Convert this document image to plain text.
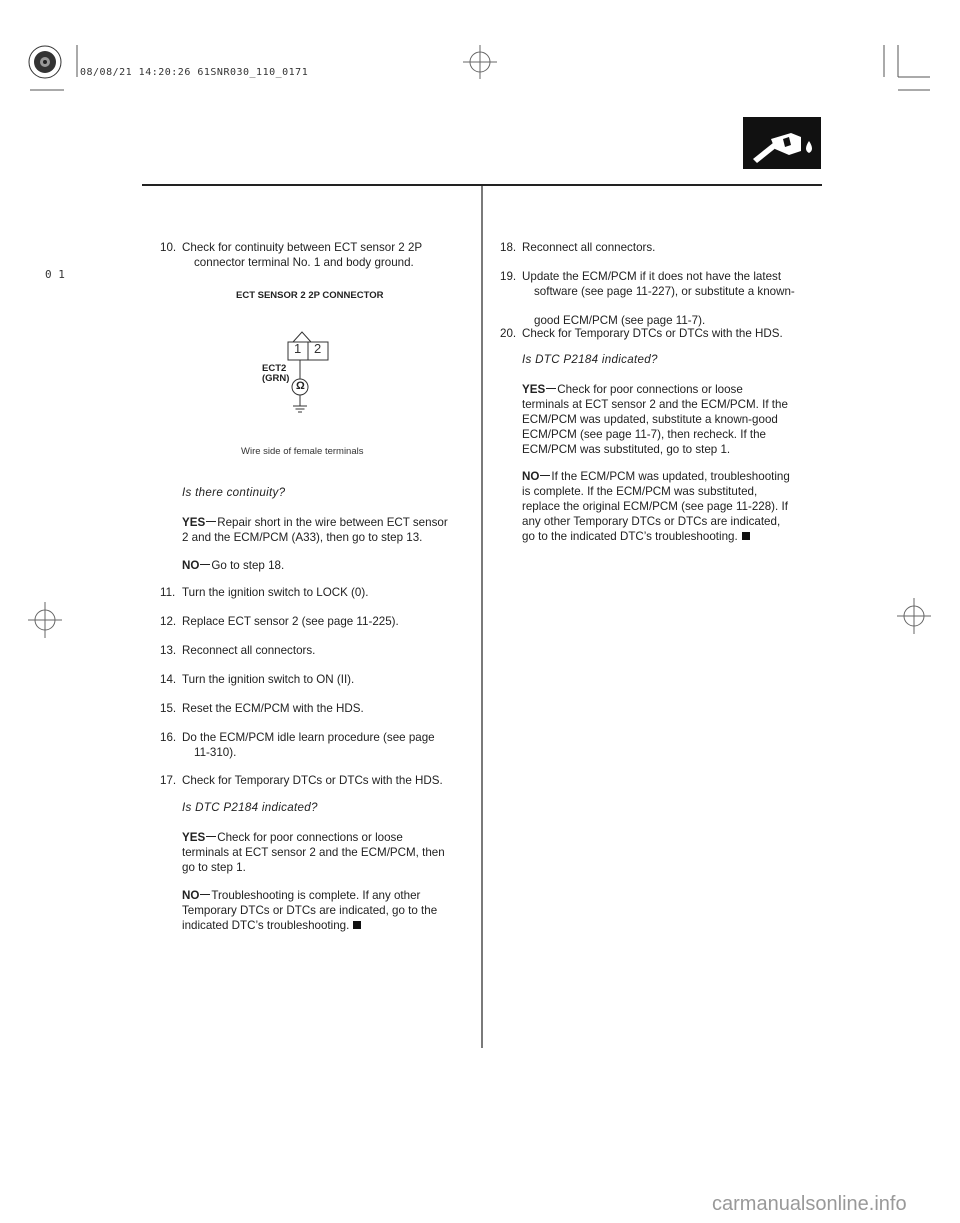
08/08/21 14:20:26 61SNR030_110_0171
0 1
10. Check for continuity between ECT sensor 2 2P

connector terminal No. 1 and body ground.
ECT SENSOR 2 2P CONNECTOR
1 2
Ω
ECT2
(GRN)
Wire side of female terminals
Is there continuity?
YES Repair short in the wire between ECT sensor
2 and the ECM/PCM (A33), then go to step 13.
NO Go to step 18.
11. Turn the ignition switch to LOCK (0).
12. Replace ECT sensor 2 (see page 11-225).
13. Reconnect all connectors.
14. Turn the ignition switch to ON (II).
15. Reset the ECM/PCM with the HDS.
16. Do the ECM/PCM idle learn procedure (see page

11-310).
17. Check for Temporary DTCs or DTCs with the HDS.
Is DTC P2184 indicated?
YES Check for poor connections or loose
terminals at ECT sensor 2 and the ECM/PCM, then
go to step 1.
NO Troubleshooting is complete. If any other
Temporary DTCs or DTCs are indicated, go to the
indicated DTC’s troubleshooting.
18. Reconnect all connectors.
19. Update the ECM/PCM if it does not have the latest

software (see page 11-227), or substitute a known-

good ECM/PCM (see page 11-7).
20. Check for Temporary DTCs or DTCs with the HDS.
Is DTC P2184 indicated?
YES Check for poor connections or loose
terminals at ECT sensor 2 and the ECM/PCM. If the
ECM/PCM was updated, substitute a known-good
ECM/PCM (see page 11-7), then recheck. If the
ECM/PCM was substituted, go to step 1.
NO If the ECM/PCM was updated, troubleshooting
is complete. If the ECM/PCM was substituted,
replace the original ECM/PCM (see page 11-228). If
any other Temporary DTCs or DTCs are indicated,
go to the indicated DTC’s troubleshooting.
carmanualsonline.info
